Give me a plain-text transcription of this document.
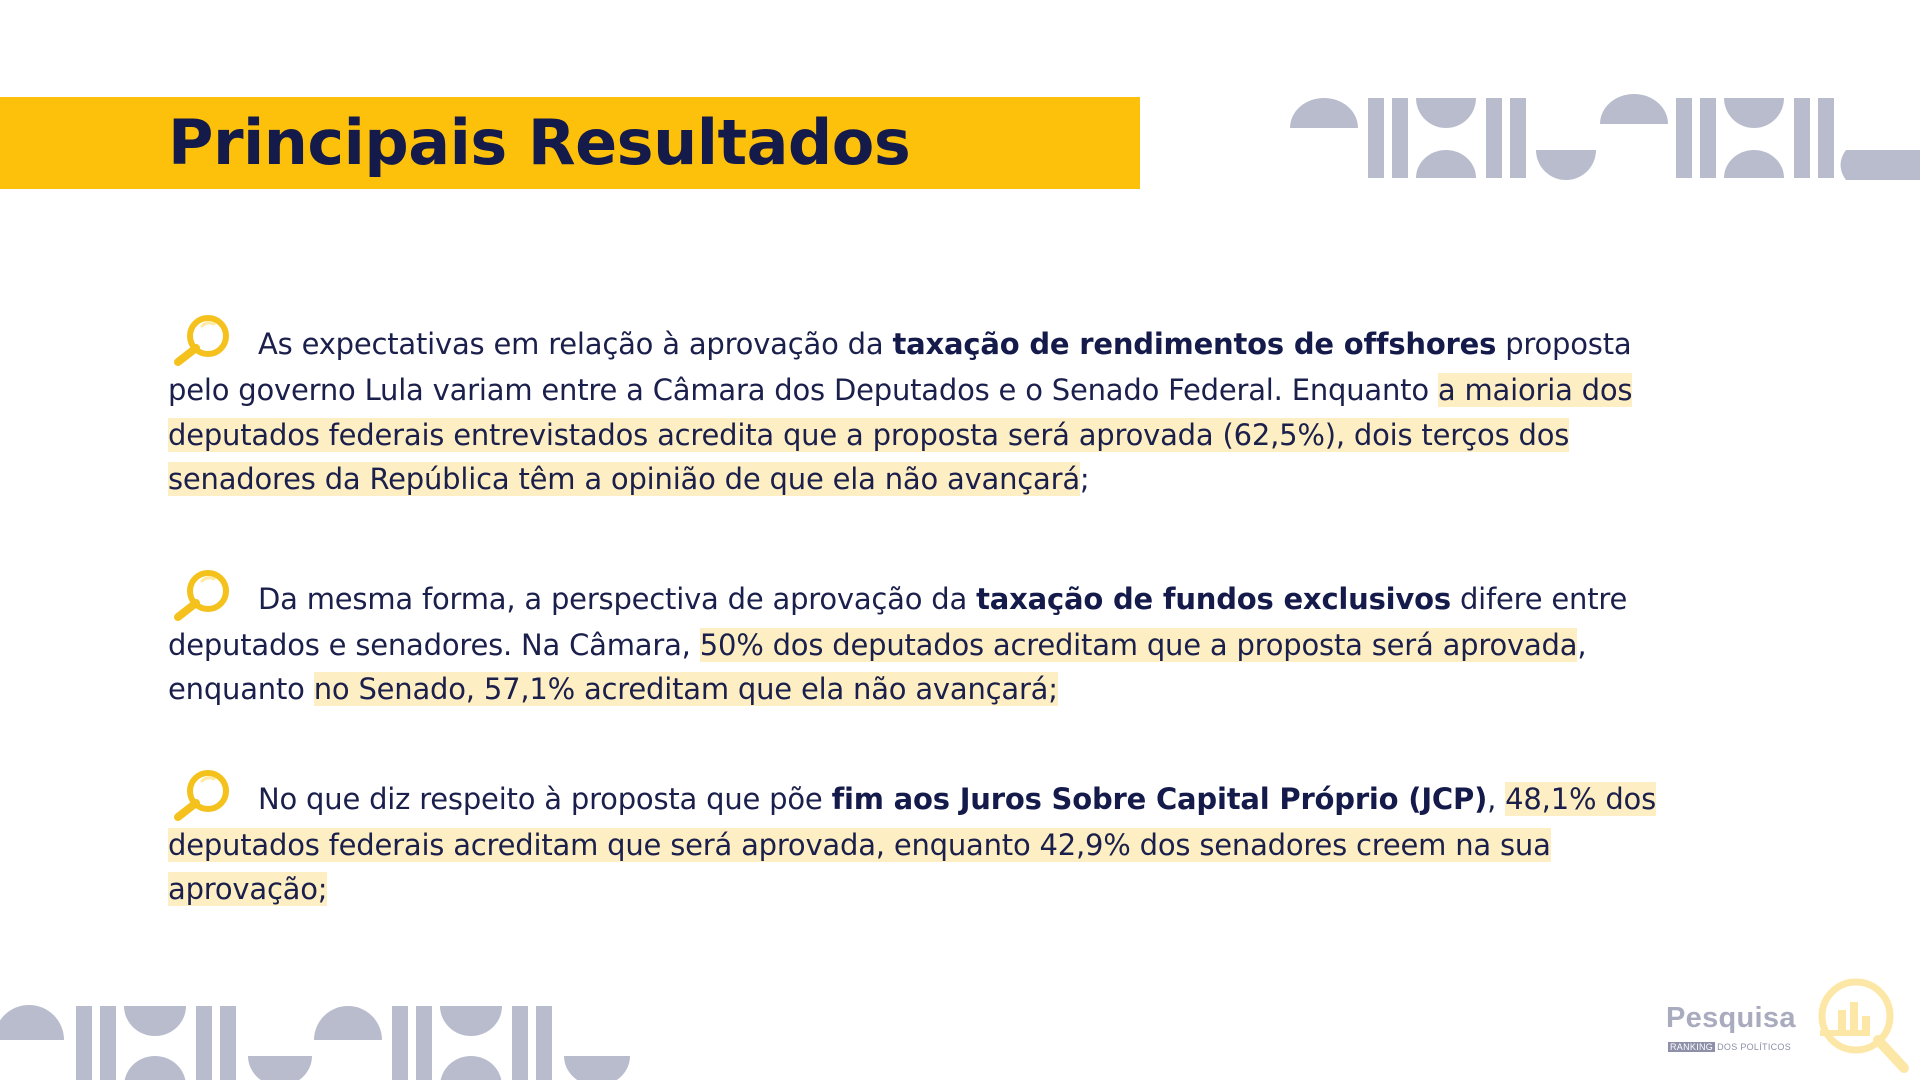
Principais Resultados

As expectativas em relação à aprovação da taxação de rendimentos de offshores proposta pelo governo Lula variam entre a Câmara dos Deputados e o Senado Federal. Enquanto a maioria dos deputados federais entrevistados acredita que a proposta será aprovada (62,5%), dois terços dos senadores da República têm a opinião de que ela não avançará;

Da mesma forma, a perspectiva de aprovação da taxação de fundos exclusivos difere entre deputados e senadores. Na Câmara, 50% dos deputados acreditam que a proposta será aprovada, enquanto no Senado, 57,1% acreditam que ela não avançará;

No que diz respeito à proposta que põe fim aos Juros Sobre Capital Próprio (JCP), 48,1% dos deputados federais acreditam que será aprovada, enquanto 42,9% dos senadores creem na sua aprovação;

Pesquisa
RANKING DOS POLÍTICOS
